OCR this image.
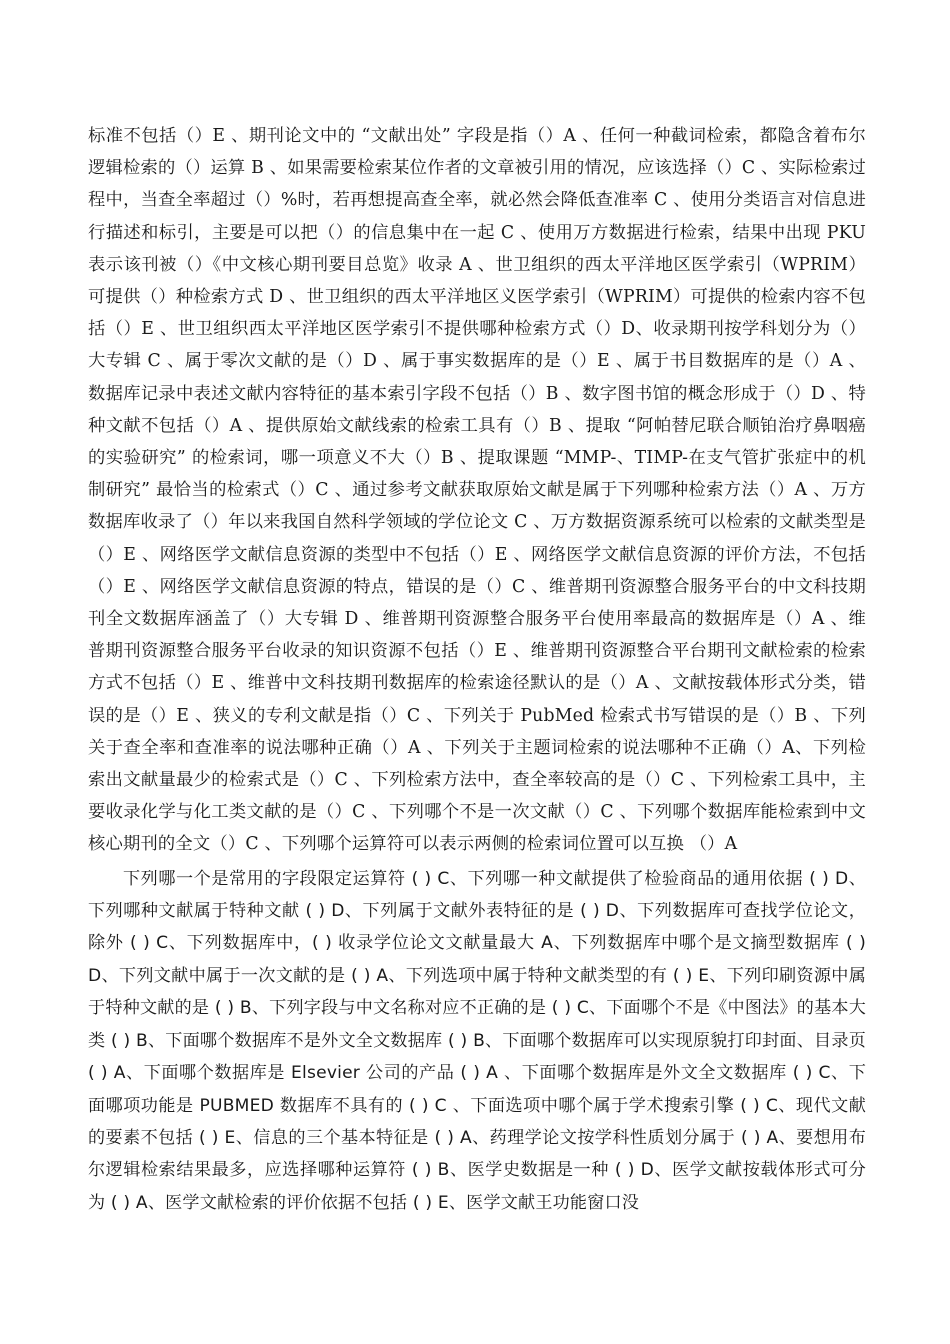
标准不包括（）E 、期刊论文中的 “文献出处” 字段是指（）A 、任何一种截词检索，都隐含着布尔逻辑检索的（）运算 B 、如果需要检索某位作者的文章被引用的情况，应该选择（）C 、实际检索过程中，当查全率超过（）%时，若再想提高查全率，就必然会降低查准率 C 、使用分类语言对信息进行描述和标引，主要是可以把（）的信息集中在一起 C 、使用万方数据进行检索，结果中出现 PKU 表示该刊被（）《中文核心期刊要目总览》收录 A 、世卫组织的西太平洋地区医学索引（WPRIM）可提供（）种检索方式 D 、世卫组织的西太平洋地区义医学索引（WPRIM）可提供的检索内容不包括（）E 、世卫组织西太平洋地区医学索引不提供哪种检索方式（）D、收录期刊按学科划分为（）大专辑 C 、属于零次文献的是（）D 、属于事实数据库的是（）E 、属于书目数据库的是（）A 、数据库记录中表述文献内容特征的基本索引字段不包括（）B 、数字图书馆的概念形成于（）D 、特种文献不包括（）A 、提供原始文献线索的检索工具有（）B 、提取 “阿帕替尼联合顺铂治疗鼻咽癌的实验研究” 的检索词，哪一项意义不大（）B 、提取课题 “MMP-、TIMP-在支气管扩张症中的机制研究” 最恰当的检索式（）C 、通过参考文献获取原始文献是属于下列哪种检索方法（）A 、万方数据库收录了（）年以来我国自然科学领域的学位论文 C 、万方数据资源系统可以检索的文献类型是（）E 、网络医学文献信息资源的类型中不包括（）E 、网络医学文献信息资源的评价方法，不包括（）E 、网络医学文献信息资源的特点，错误的是（）C 、维普期刊资源整合服务平台的中文科技期刊全文数据库涵盖了（）大专辑 D 、维普期刊资源整合服务平台使用率最高的数据库是（）A 、维普期刊资源整合服务平台收录的知识资源不包括（）E 、维普期刊资源整合平台期刊文献检索的检索方式不包括（）E 、维普中文科技期刊数据库的检索途径默认的是（）A 、文献按载体形式分类，错误的是（）E 、狭义的专利文献是指（）C 、下列关于 PubMed 检索式书写错误的是（）B 、下列关于查全率和查准率的说法哪种正确（）A 、下列关于主题词检索的说法哪种不正确（）A、下列检索出文献量最少的检索式是（）C 、下列检索方法中，查全率较高的是（）C 、下列检索工具中，主要收录化学与化工类文献的是（）C 、下列哪个不是一次文献（）C 、下列哪个数据库能检索到中文核心期刊的全文（）C 、下列哪个运算符可以表示两侧的检索词位置可以互换 （）A

下列哪一个是常用的字段限定运算符 ( ) C、下列哪一种文献提供了检验商品的通用依据 ( ) D、下列哪种文献属于特种文献 ( ) D、下列属于文献外表特征的是 ( ) D、下列数据库可查找学位论文，除外 ( ) C、下列数据库中，( ) 收录学位论文文献量最大 A、下列数据库中哪个是文摘型数据库 ( ) D、下列文献中属于一次文献的是 ( ) A、下列选项中属于特种文献类型的有 ( ) E、下列印刷资源中属于特种文献的是 ( ) B、下列字段与中文名称对应不正确的是 ( ) C、下面哪个不是《中图法》的基本大类 ( ) B、下面哪个数据库不是外文全文数据库 ( ) B、下面哪个数据库可以实现原貌打印封面、目录页 ( ) A、下面哪个数据库是 Elsevier 公司的产品 ( ) A 、下面哪个数据库是外文全文数据库 ( ) C、下面哪项功能是 PUBMED 数据库不具有的 ( ) C 、下面选项中哪个属于学术搜索引擎 ( ) C、现代文献的要素不包括 ( ) E、信息的三个基本特征是 ( ) A、药理学论文按学科性质划分属于 ( ) A、要想用布尔逻辑检索结果最多，应选择哪种运算符 ( ) B、医学史数据是一种 ( ) D、医学文献按载体形式可分为 ( ) A、医学文献检索的评价依据不包括 ( ) E、医学文献王功能窗口没
